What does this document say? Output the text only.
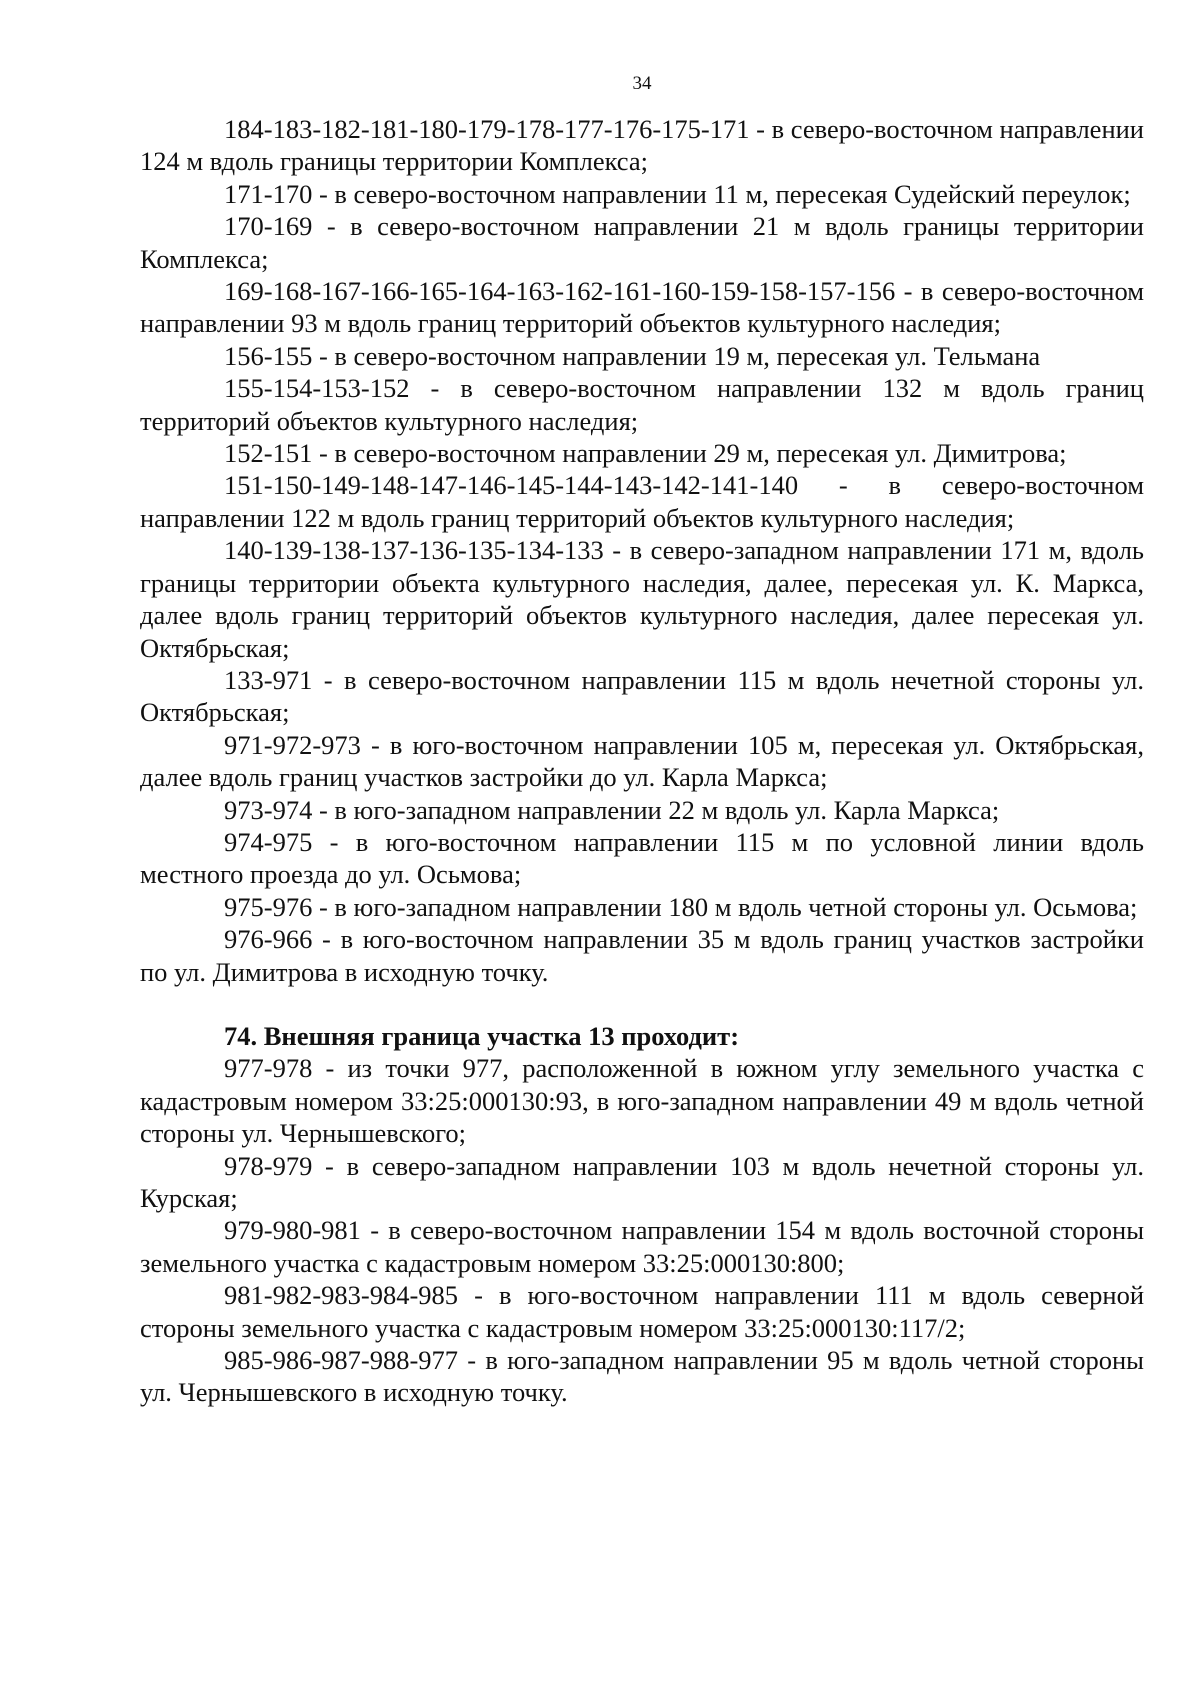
34

184-183-182-181-180-179-178-177-176-175-171 - в северо-восточном направлении 124 м вдоль границы территории Комплекса;

171-170 - в северо-восточном направлении 11 м, пересекая Судейский переулок;

170-169 - в северо-восточном направлении 21 м вдоль границы территории Комплекса;

169-168-167-166-165-164-163-162-161-160-159-158-157-156 - в северо-восточном направлении 93 м вдоль границ территорий объектов культурного наследия;

156-155 - в северо-восточном направлении 19 м, пересекая ул. Тельмана

155-154-153-152 - в северо-восточном направлении 132 м вдоль границ территорий объектов культурного наследия;

152-151 - в северо-восточном направлении 29 м, пересекая ул. Димитрова;

151-150-149-148-147-146-145-144-143-142-141-140 - в северо-восточном направлении 122 м вдоль границ территорий объектов культурного наследия;

140-139-138-137-136-135-134-133 - в северо-западном направлении 171 м, вдоль границы территории объекта культурного наследия, далее, пересекая ул. К. Маркса, далее вдоль границ территорий объектов культурного наследия, далее пересекая ул. Октябрьская;

133-971 - в северо-восточном направлении 115 м вдоль нечетной стороны ул. Октябрьская;

971-972-973 - в юго-восточном направлении 105 м, пересекая ул. Октябрьская, далее вдоль границ участков застройки до ул. Карла Маркса;

973-974 - в юго-западном направлении 22 м вдоль ул. Карла Маркса;

974-975 - в юго-восточном направлении 115 м по условной линии вдоль местного проезда до ул. Осьмова;

975-976 - в юго-западном направлении 180 м вдоль четной стороны ул. Осьмова;

976-966 - в юго-восточном направлении 35 м вдоль границ участков застройки по ул. Димитрова в исходную точку.

74. Внешняя граница участка 13 проходит:

977-978 - из точки 977, расположенной в южном углу земельного участка с кадастровым номером 33:25:000130:93, в юго-западном направлении 49 м вдоль четной стороны ул. Чернышевского;

978-979 - в северо-западном направлении 103 м вдоль нечетной стороны ул. Курская;

979-980-981 - в северо-восточном направлении 154 м вдоль восточной стороны земельного участка с кадастровым номером 33:25:000130:800;

981-982-983-984-985 - в юго-восточном направлении 111 м вдоль северной стороны земельного участка с кадастровым номером 33:25:000130:117/2;

985-986-987-988-977 - в юго-западном направлении 95 м вдоль четной стороны ул. Чернышевского в исходную точку.
